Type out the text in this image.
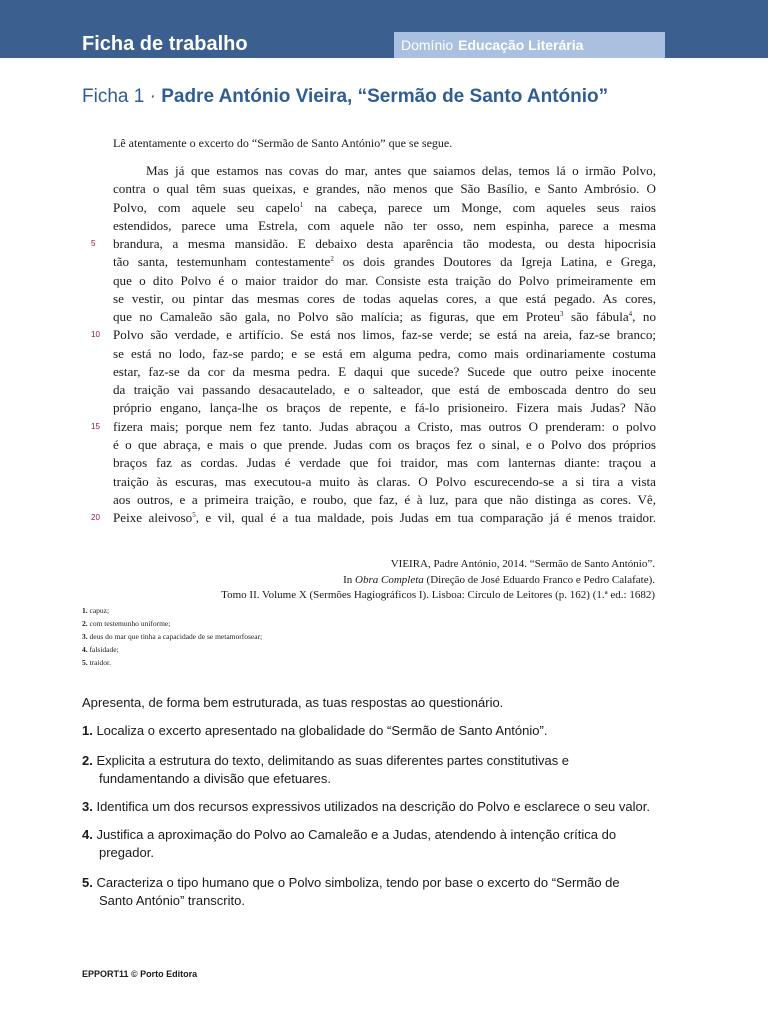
Ficha de trabalho	Domínio Educação Literária
Ficha 1 · Padre António Vieira, “Sermão de Santo António”
Lê atentamente o excerto do “Sermão de Santo António” que se segue.
Mas já que estamos nas covas do mar, antes que saiamos delas, temos lá o irmão Polvo,
contra o qual têm suas queixas, e grandes, não menos que São Basílio, e Santo Ambrósio. O
Polvo, com aquele seu capelo$^1$ na cabeça, parece um Monge, com aqueles seus raios
estendidos, parece uma Estrela, com aquele não ter osso, nem espinha, parece a mesma
5 brandura, a mesma mansidão. E debaixo desta aparência tão modesta, ou desta hipocrisia
tão santa, testemunham contestamente$^2$ os dois grandes Doutores da Igreja Latina, e Grega,
que o dito Polvo é o maior traidor do mar. Consiste esta traição do Polvo primeiramente em
se vestir, ou pintar das mesmas cores de todas aquelas cores, a que está pegado. As cores,
que no Camaleão são gala, no Polvo são malícia; as figuras, que em Proteu$^3$ são fábula$^4$, no
10 Polvo são verdade, e artifício. Se está nos limos, faz-se verde; se está na areia, faz-se branco;
se está no lodo, faz-se pardo; e se está em alguma pedra, como mais ordinariamente costuma
estar, faz-se da cor da mesma pedra. E daqui que sucede? Sucede que outro peixe inocente
da traição vai passando desacautelado, e o salteador, que está de emboscada dentro do seu
próprio engano, lança-lhe os braços de repente, e fá-lo prisioneiro. Fizera mais Judas? Não
15 fizera mais; porque nem fez tanto. Judas abraçou a Cristo, mas outros O prenderam: o polvo
é o que abraça, e mais o que prende. Judas com os braços fez o sinal, e o Polvo dos próprios
braços faz as cordas. Judas é verdade que foi traidor, mas com lanternas diante: traçou a
traição às escuras, mas executou-a muito às claras. O Polvo escurecendo-se a si tira a vista
aos outros, e a primeira traição, e roubo, que faz, é à luz, para que não distinga as cores. Vê,
20 Peixe aleivoso$^5$, e vil, qual é a tua maldade, pois Judas em tua comparação já é menos traidor.
VIEIRA, Padre António, 2014. “Sermão de Santo António”.
In Obra Completa (Direção de José Eduardo Franco e Pedro Calafate).
Tomo II. Volume X (Sermões Hagiográficos I). Lisboa: Círculo de Leitores (p. 162) (1.ª ed.: 1682)
1. capuz;
2. com testemunho uniforme;
3. deus do mar que tinha a capacidade de se metamorfosear;
4. falsidade;
5. traidor.
Apresenta, de forma bem estruturada, as tuas respostas ao questionário.
1. Localiza o excerto apresentado na globalidade do “Sermão de Santo António”.
2. Explicita a estrutura do texto, delimitando as suas diferentes partes constitutivas e
fundamentando a divisão que efetuares.
3. Identifica um dos recursos expressivos utilizados na descrição do Polvo e esclarece o seu valor.
4. Justifica a aproximação do Polvo ao Camaleão e a Judas, atendendo à intenção crítica do
pregador.
5. Caracteriza o tipo humano que o Polvo simboliza, tendo por base o excerto do “Sermão de
Santo António” transcrito.
EPPORT11 © Porto Editora
